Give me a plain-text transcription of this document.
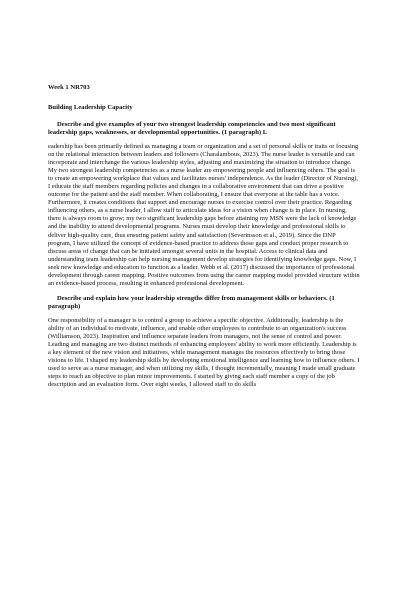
Week 1 NR703
Building Leadership Capacity
Describe and give examples of your two strongest leadership competencies and two most significant leadership gaps, weaknesses, or developmental opportunities. (1 paragraph) L

eadership has been primarily defined as managing a team or organization and a set of personal skills or traits or focusing on the relational interaction between leaders and followers (Charalambous, 2023). The nurse leader is versatile and can incorporate and interchange the various leadership styles, adjusting and maximizing the situation to introduce change. My two strongest leadership competencies as a nurse leader are empowering people and influencing others. The goal is to create an empowering workplace that values and facilitates nurses' independence. As the leader (Director of Nursing), I educate the staff members regarding policies and changes in a collaborative environment that can drive a positive outcome for the patient and the staff member. When collaborating, I ensure that everyone at the table has a voice. Furthermore, it creates conditions that support and encourage nurses to exercise control over their practice. Regarding influencing others, as a nurse leader, I allow staff to articulate ideas for a vision when change is in place. In nursing, there is always room to grow; my two significant leadership gaps before attaining my MSN were the lack of knowledge and the inability to attend developmental programs. Nurses must develop their knowledge and professional skills to deliver high-quality care, thus ensuring patient safety and satisfaction (Severinsson et al., 2019). Since the DNP program, I have utilized the concept of evidence-based practice to address those gaps and conduct proper research to discuss areas of change that can be initiated amongst several units in the hospital. Access to clinical data and understanding team leadership can help nursing management develop strategies for identifying knowledge gaps. Now, I seek new knowledge and education to function as a leader. Webb et al. (2017) discussed the importance of professional development through career mapping. Positive outcomes from using the career mapping model provided structure within an evidence-based process, resulting in enhanced professional development.

Describe and explain how your leadership strengths differ from management skills or behaviors. (1 paragraph)

One responsibility of a manager is to control a group to achieve a specific objective. Additionally, leadership is the ability of an individual to motivate, influence, and enable other employees to contribute to an organization's success (Williamson, 2023). Inspiration and influence separate leaders from managers, not the sense of control and power. Leading and managing are two distinct methods of enhancing employees' ability to work more efficiently. Leadership is a key element of the new vision and initiatives, while management manages the resources effectively to bring those visions to life. I shaped my leadership skills by developing emotional intelligence and learning how to influence others. I used to serve as a nurse manager, and when utilizing my skills, I thought incrementally, meaning I made small graduate steps to reach an objective to plan minor improvements. I started by giving each staff member a copy of the job description and an evaluation form. Over eight weeks, I allowed staff to do skills
